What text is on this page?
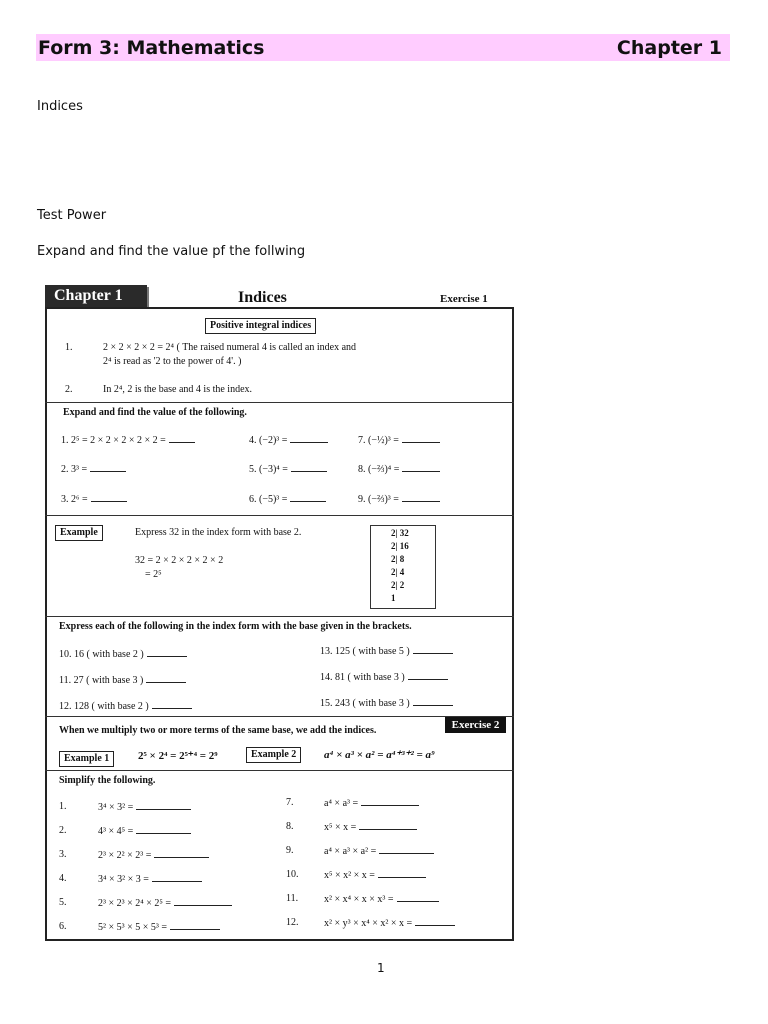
Form 3: Mathematics	Chapter 1
Indices
Test Power
Expand and find the value pf the follwing
Chapter 1	Indices	Exercise 1
Positive integral indices
1.	2 × 2 × 2 × 2 = 2⁴ ( The raised numeral 4 is called an index and
2⁴ is read as '2 to the power of 4'. )
2.	In 2⁴, 2 is the base and 4 is the index.
Expand and find the value of the following.
1. 2⁵ = 2 × 2 × 2 × 2 × 2 =
2. 3³ =
3. 2⁶ =
4. (−2)³ =
5. (−3)⁴ =
6. (−5)³ =
7. (−½)³ =
8. (−⅔)⁴ =
9. (−⅔)³ =
Example	Express 32 in the index form with base 2.
32 = 2 × 2 × 2 × 2 × 2
= 2⁵
2| 32
2| 16
2| 8
2| 4
2| 2
1
Express each of the following in the index form with the base given in the brackets.
10. 16 ( with base 2 )
11. 27 ( with base 3 )
12. 128 ( with base 2 )
13. 125 ( with base 5 )
14. 81 ( with base 3 )
15. 243 ( with base 3 )
When we multiply two or more terms of the same base, we add the indices.	Exercise 2
Example 1	2⁵ × 2⁴ = 2⁵⁺⁴ = 2⁹	Example 2	a⁴ × a³ × a² = a⁴⁺³⁺² = a⁹
Simplify the following.
1.	3⁴ × 3² =
2.	4³ × 4⁵ =
3.	2³ × 2² × 2³ =
4.	3⁴ × 3² × 3 =
5.	2³ × 2³ × 2⁴ × 2⁵ =
6.	5² × 5³ × 5 × 5³ =
7.	a⁴ × a³ =
8.	x⁵ × x =
9.	a⁴ × a³ × a² =
10.	x⁵ × x² × x =
11.	x² × x⁴ × x × x³ =
12.	x² × y³ × x⁴ × x² × x =
1
